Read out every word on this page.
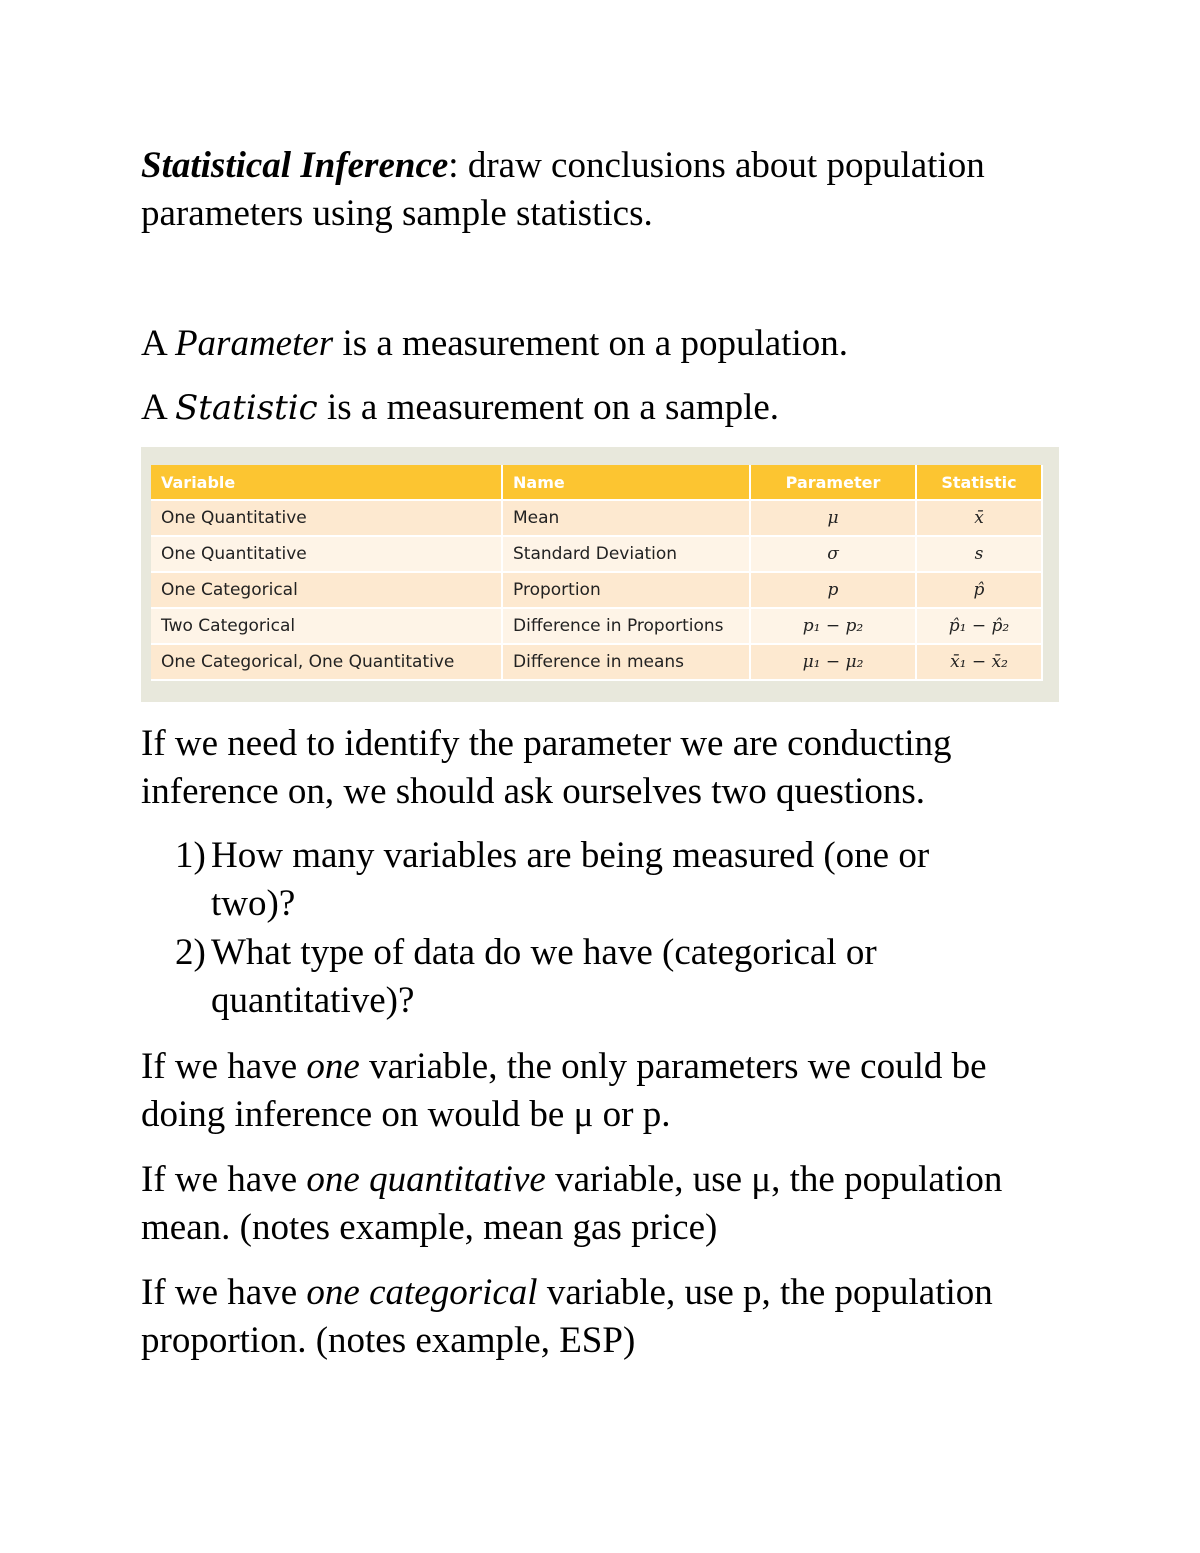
Statistical Inference: draw conclusions about population parameters using sample statistics.

A Parameter is a measurement on a population.

A Statistic is a measurement on a sample.

Variable	Name	Parameter	Statistic
One Quantitative	Mean	μ	x̄
One Quantitative	Standard Deviation	σ	s
One Categorical	Proportion	p	p̂
Two Categorical	Difference in Proportions	p₁ − p₂	p̂₁ − p̂₂
One Categorical, One Quantitative	Difference in means	μ₁ − μ₂	x̄₁ − x̄₂

If we need to identify the parameter we are conducting inference on, we should ask ourselves two questions.

1) How many variables are being measured (one or two)?
2) What type of data do we have (categorical or quantitative)?

If we have one variable, the only parameters we could be doing inference on would be μ or p.

If we have one quantitative variable, use μ, the population mean. (notes example, mean gas price)

If we have one categorical variable, use p, the population proportion. (notes example, ESP)
